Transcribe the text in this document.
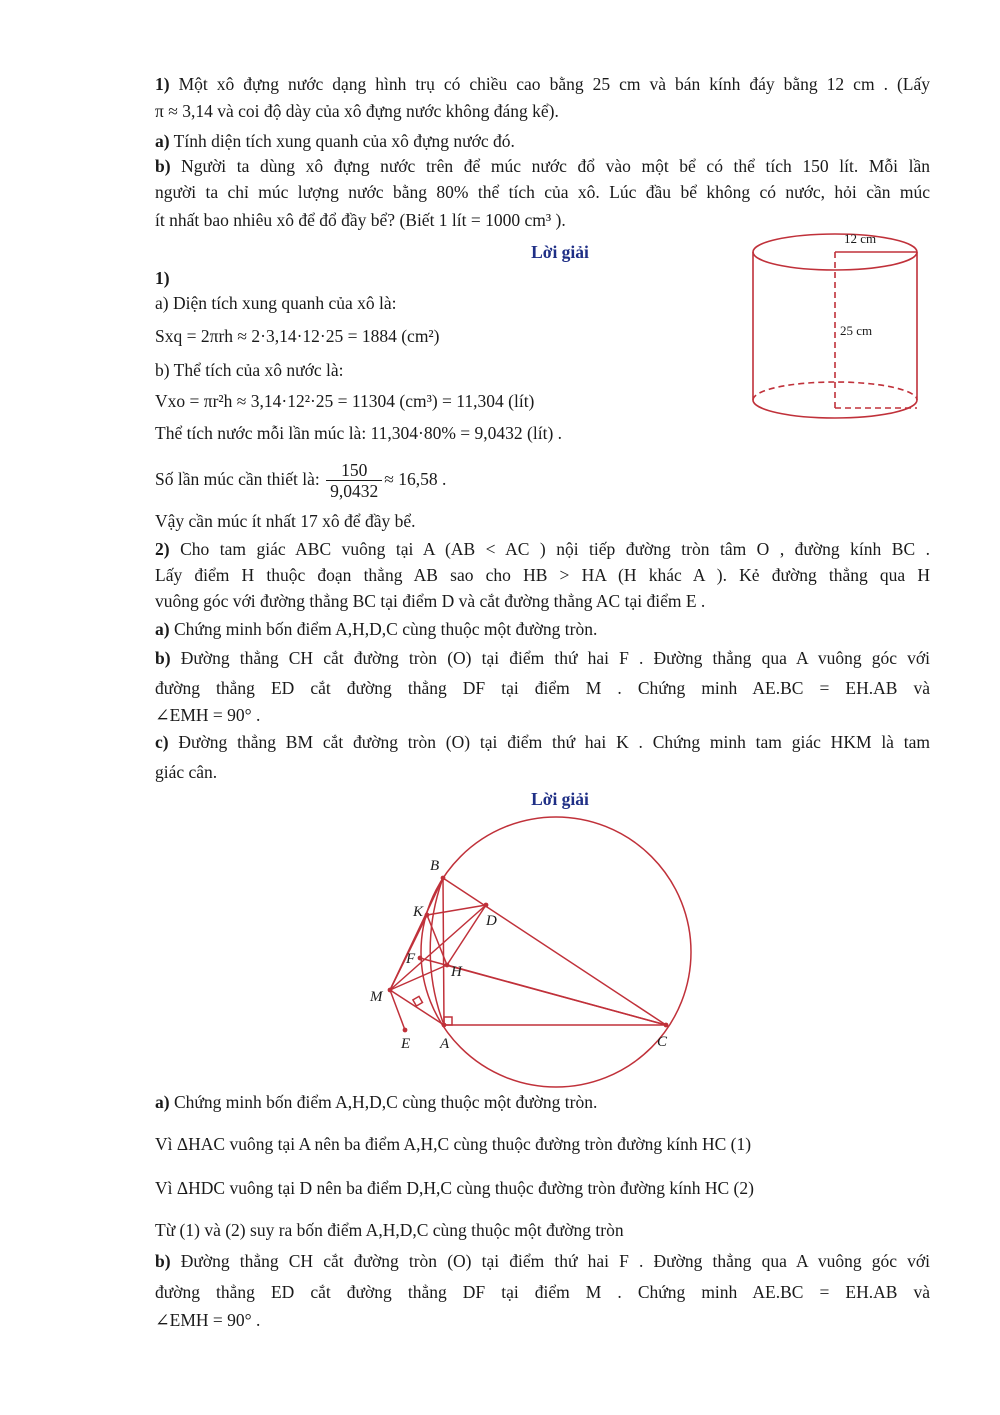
1) Một xô đựng nước dạng hình trụ có chiều cao bằng 25 cm và bán kính đáy bằng 12 cm . (Lấy
π ≈ 3,14 và coi độ dày của xô đựng nước không đáng kể).
a) Tính diện tích xung quanh của xô đựng nước đó.
b) Người ta dùng xô đựng nước trên để múc nước đổ vào một bể có thể tích 150 lít. Mỗi lần
người ta chỉ múc lượng nước bằng 80% thể tích của xô. Lúc đầu bể không có nước, hỏi cần múc
ít nhất bao nhiêu xô để đổ đầy bể? (Biết 1 lít = 1000 cm³ ).
Lời giải
1)
a) Diện tích xung quanh của xô là:
Sxq = 2πrh ≈ 2·3,14·12·25 = 1884 (cm²)
b) Thể tích của xô nước là:
Vxo = πr²h ≈ 3,14·12²·25 = 11304 (cm³) = 11,304 (lít)
Thể tích nước mỗi lần múc là: 11,304·80% = 9,0432 (lít) .
Số lần múc cần thiết là: $\frac{150}{9,0432} \approx 16,58$ .
Vậy cần múc ít nhất 17 xô để đầy bể.
2) Cho tam giác ABC vuông tại A (AB < AC ) nội tiếp đường tròn tâm O , đường kính BC .
Lấy điểm H thuộc đoạn thẳng AB sao cho HB > HA (H khác A ). Kẻ đường thẳng qua H
vuông góc với đường thẳng BC tại điểm D và cắt đường thẳng AC tại điểm E .
a) Chứng minh bốn điểm A,H,D,C cùng thuộc một đường tròn.
b) Đường thẳng CH cắt đường tròn (O) tại điểm thứ hai F . Đường thẳng qua A vuông góc với
đường thẳng ED cắt đường thẳng DF tại điểm M . Chứng minh AE.BC = EH.AB và
∠EMH = 90° .
c) Đường thẳng BM cắt đường tròn (O) tại điểm thứ hai K . Chứng minh tam giác HKM là tam
giác cân.
Lời giải
a) Chứng minh bốn điểm A,H,D,C cùng thuộc một đường tròn.
Vì ΔHAC vuông tại A nên ba điểm A,H,C cùng thuộc đường tròn đường kính HC (1)
Vì ΔHDC vuông tại D nên ba điểm D,H,C cùng thuộc đường tròn đường kính HC (2)
Từ (1) và (2) suy ra bốn điểm A,H,D,C cùng thuộc một đường tròn
b) Đường thẳng CH cắt đường tròn (O) tại điểm thứ hai F . Đường thẳng qua A vuông góc với
đường thẳng ED cắt đường thẳng DF tại điểm M . Chứng minh AE.BC = EH.AB và
∠EMH = 90° .
12 cm
25 cm
B
K
D
F
H
M
E A	C
